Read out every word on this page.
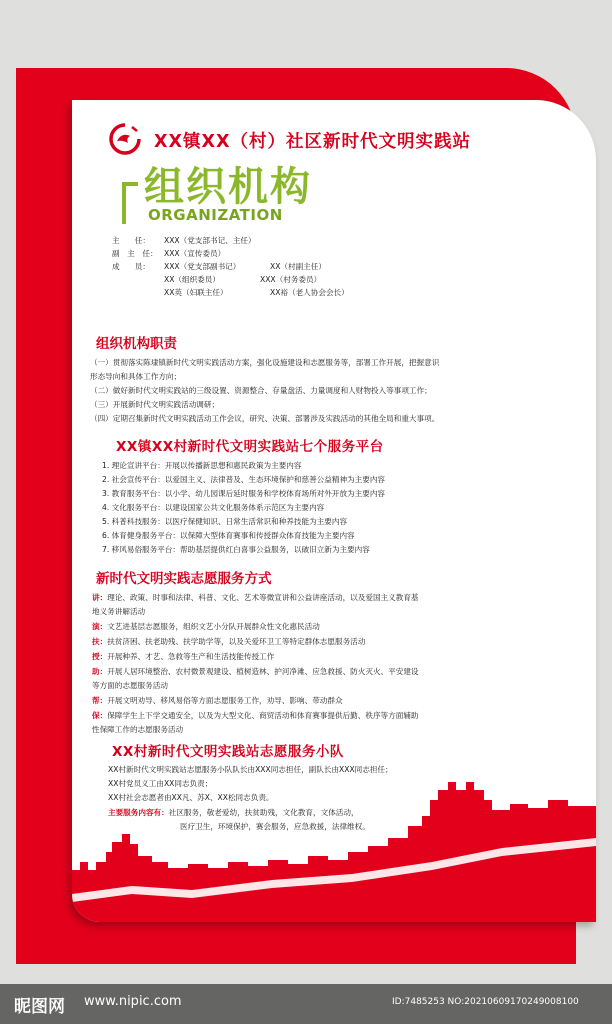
XX镇XX（村）社区新时代文明实践站
组织机构
ORGANIZATION
主　　任： XXX（党支部书记、主任）
副　主　任： XXX（宣传委员）
成　　员： XXX（党支部副书记）	XX（村副主任）
XX（组织委员）	XXX（村务委员）
XX英（妇联主任）	XX裕（老人协会会长）
组织机构职责
（一）贯彻落实陈埭镇新时代文明实践活动方案，强化设施建设和志愿服务等，部署工作开展，把握意识
形态导向和具体工作方向；
（二）做好新时代文明实践站的三级设置、资源整合、存量盘活、力量调度和人财物投入等事项工作；
（三）开展新时代文明实践活动调研；
（四）定期召集新时代文明实践活动工作会议，研究、决策、部署涉及实践活动的其他全局和重大事项。
XX镇XX村新时代文明实践站七个服务平台
1. 理论宣讲平台：开展以传播新思想和惠民政策为主要内容
2. 社会宣传平台：以爱国主义、法律普及、生态环境保护和慈善公益精神为主要内容
3. 教育服务平台：以小学、幼儿园课后延时服务和学校体育场所对外开放为主要内容
4. 文化服务平台：以建设国家公共文化服务体系示范区为主要内容
5. 科普科技服务：以医疗保健知识、日常生活常识和种养技能为主要内容
6. 体育健身服务平台：以保障大型体育赛事和传授群众体育技能为主要内容
7. 移风易俗服务平台：帮助基层提供红白喜事公益服务，以破旧立新为主要内容
新时代文明实践志愿服务方式
讲：理论、政策、时事和法律、科普、文化、艺术等微宣讲和公益讲座活动，以及爱国主义教育基
地义务讲解活动
演：文艺进基层志愿服务，组织文艺小分队开展群众性文化惠民活动
扶：扶贫济困、扶老助残、扶学助学等，以及关爱环卫工等特定群体志愿服务活动
授：开展种养、才艺、急救等生产和生活技能传授工作
助：开展人居环境整治、农村微景观建设、植树造林、护河净滩、应急救援、防火灭火、平安建设
等方面的志愿服务活动
帮：开展文明劝导、移风易俗等方面志愿服务工作，劝导、影响、带动群众
保：保障学生上下学交通安全，以及为大型文化、商贸活动和体育赛事提供后勤、秩序等方面辅助
性保障工作的志愿服务活动
XX村新时代文明实践站志愿服务小队
XX村新时代文明实践站志愿服务小队队长由XXX同志担任，副队长由XXX同志担任；
XX村党员义工由XX同志负责；
XX村社会志愿者由XX凡、苏X、XX松同志负责。
主要服务内容有：社区服务，敬老爱幼，扶贫助残，文化教育，文体活动，
医疗卫生，环境保护，赛会服务，应急救援，法律维权。
昵图网 www.nipic.com	ID:7485253 NO:20210609170249008100
